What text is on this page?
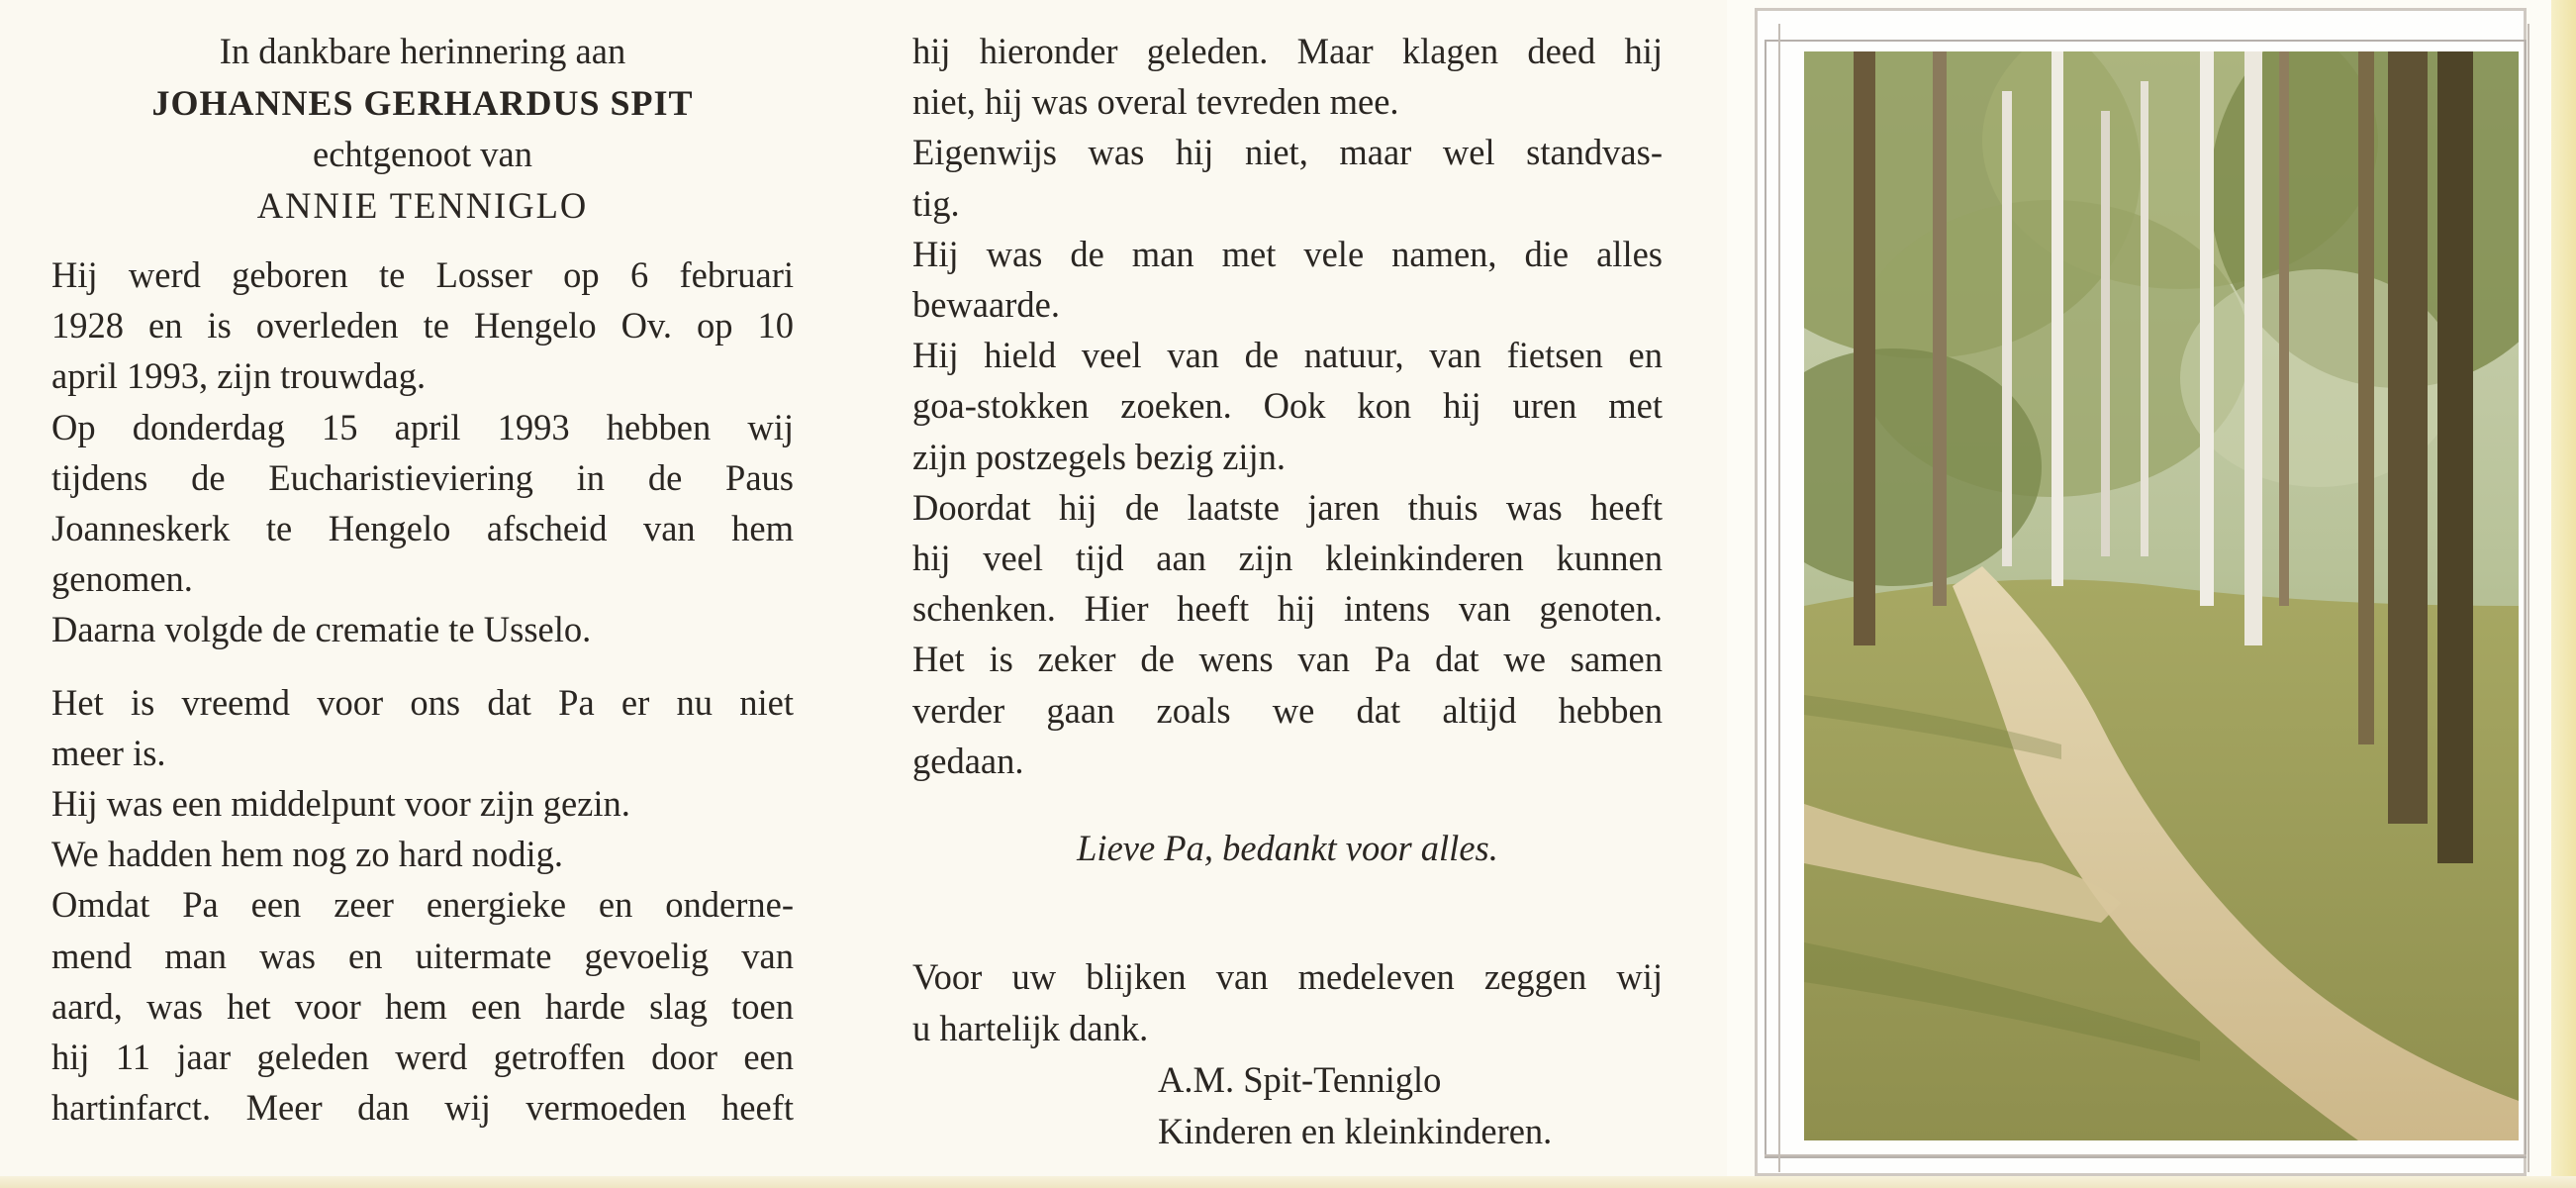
In dankbare herinnering aan
JOHANNES GERHARDUS SPIT
echtgenoot van
ANNIE TENNIGLO

Hij werd geboren te Losser op 6 februari
1928 en is overleden te Hengelo Ov. op 10
april 1993, zijn trouwdag.

Op donderdag 15 april 1993 hebben wij
tijdens de Eucharistieviering in de Paus
Joanneskerk te Hengelo afscheid van hem
genomen.

Daarna volgde de crematie te Usselo.

Het is vreemd voor ons dat Pa er nu niet
meer is.

Hij was een middelpunt voor zijn gezin.

We hadden hem nog zo hard nodig.

Omdat Pa een zeer energieke en onderne-
mend man was en uitermate gevoelig van
aard, was het voor hem een harde slag toen
hij 11 jaar geleden werd getroffen door een
hartinfarct. Meer dan wij vermoeden heeft

hij hieronder geleden. Maar klagen deed hij
niet, hij was overal tevreden mee.

Eigenwijs was hij niet, maar wel standvas-
tig.

Hij was de man met vele namen, die alles
bewaarde.

Hij hield veel van de natuur, van fietsen en
goa-stokken zoeken. Ook kon hij uren met
zijn postzegels bezig zijn.

Doordat hij de laatste jaren thuis was heeft
hij veel tijd aan zijn kleinkinderen kunnen
schenken. Hier heeft hij intens van genoten.

Het is zeker de wens van Pa dat we samen
verder gaan zoals we dat altijd hebben
gedaan.

Lieve Pa, bedankt voor alles.
Voor uw blijken van medeleven zeggen wij
u hartelijk dank.
A.M. Spit-Tenniglo
Kinderen en kleinkinderen.
